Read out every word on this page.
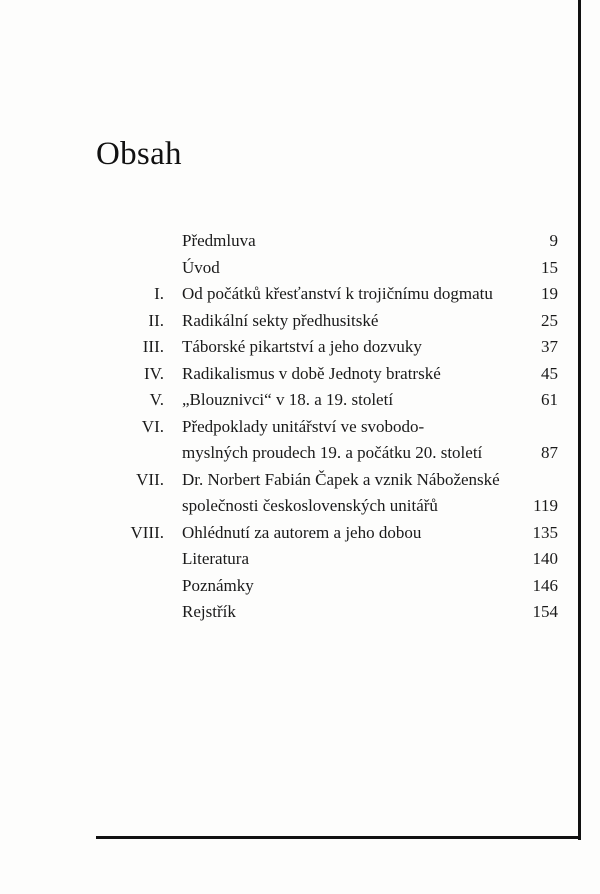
Obsah
Předmluva	9
Úvod	15
I. Od počátků křesťanství k trojičnímu dogmatu	19
II. Radikální sekty předhusitské	25
III. Táborské pikartství a jeho dozvuky	37
IV. Radikalismus v době Jednoty bratrské	45
V. „Blouznivci“ v 18. a 19. století	61
VI. Předpoklady unitářství ve svobodo-
myslných proudech 19. a počátku 20. století	87
VII. Dr. Norbert Fabián Čapek a vznik Náboženské
společnosti československých unitářů	119
VIII. Ohlédnutí za autorem a jeho dobou	135
Literatura	140
Poznámky	146
Rejstřík	154
